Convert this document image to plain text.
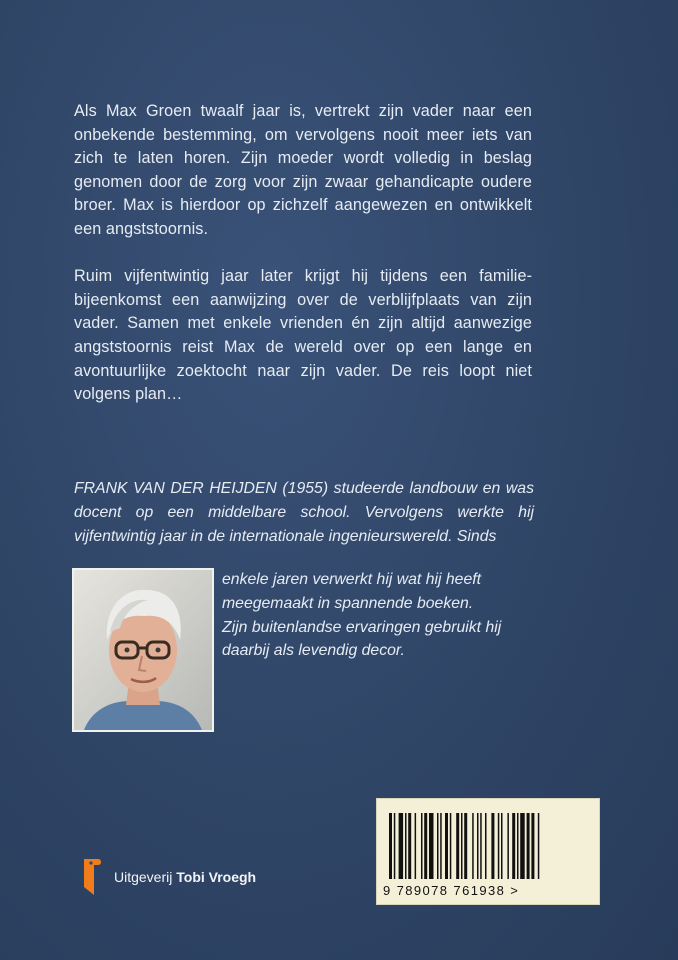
Als Max Groen twaalf jaar is, vertrekt zijn vader naar een onbekende bestemming, om vervolgens nooit meer iets van zich te laten horen. Zijn moeder wordt volledig in beslag genomen door de zorg voor zijn zwaar gehandicapte oudere broer. Max is hierdoor op zichzelf aangewezen en ontwikkelt een angststoornis.

Ruim vijfentwintig jaar later krijgt hij tijdens een familiebijeenkomst een aanwijzing over de verblijfplaats van zijn vader. Samen met enkele vrienden én zijn altijd aanwezige angststoornis reist Max de wereld over op een lange en avontuurlijke zoektocht naar zijn vader. De reis loopt niet volgens plan…

FRANK VAN DER HEIJDEN (1955) studeerde landbouw en was docent op een middelbare school. Vervolgens werkte hij vijfentwintig jaar in de internationale ingenieurswereld. Sinds
enkele jaren verwerkt hij wat hij heeft
meegemaakt in spannende boeken.
Zijn buitenlandse ervaringen gebruikt hij
daarbij als levendig decor.
Uitgeverij Tobi Vroegh
9 789078 761938 >
